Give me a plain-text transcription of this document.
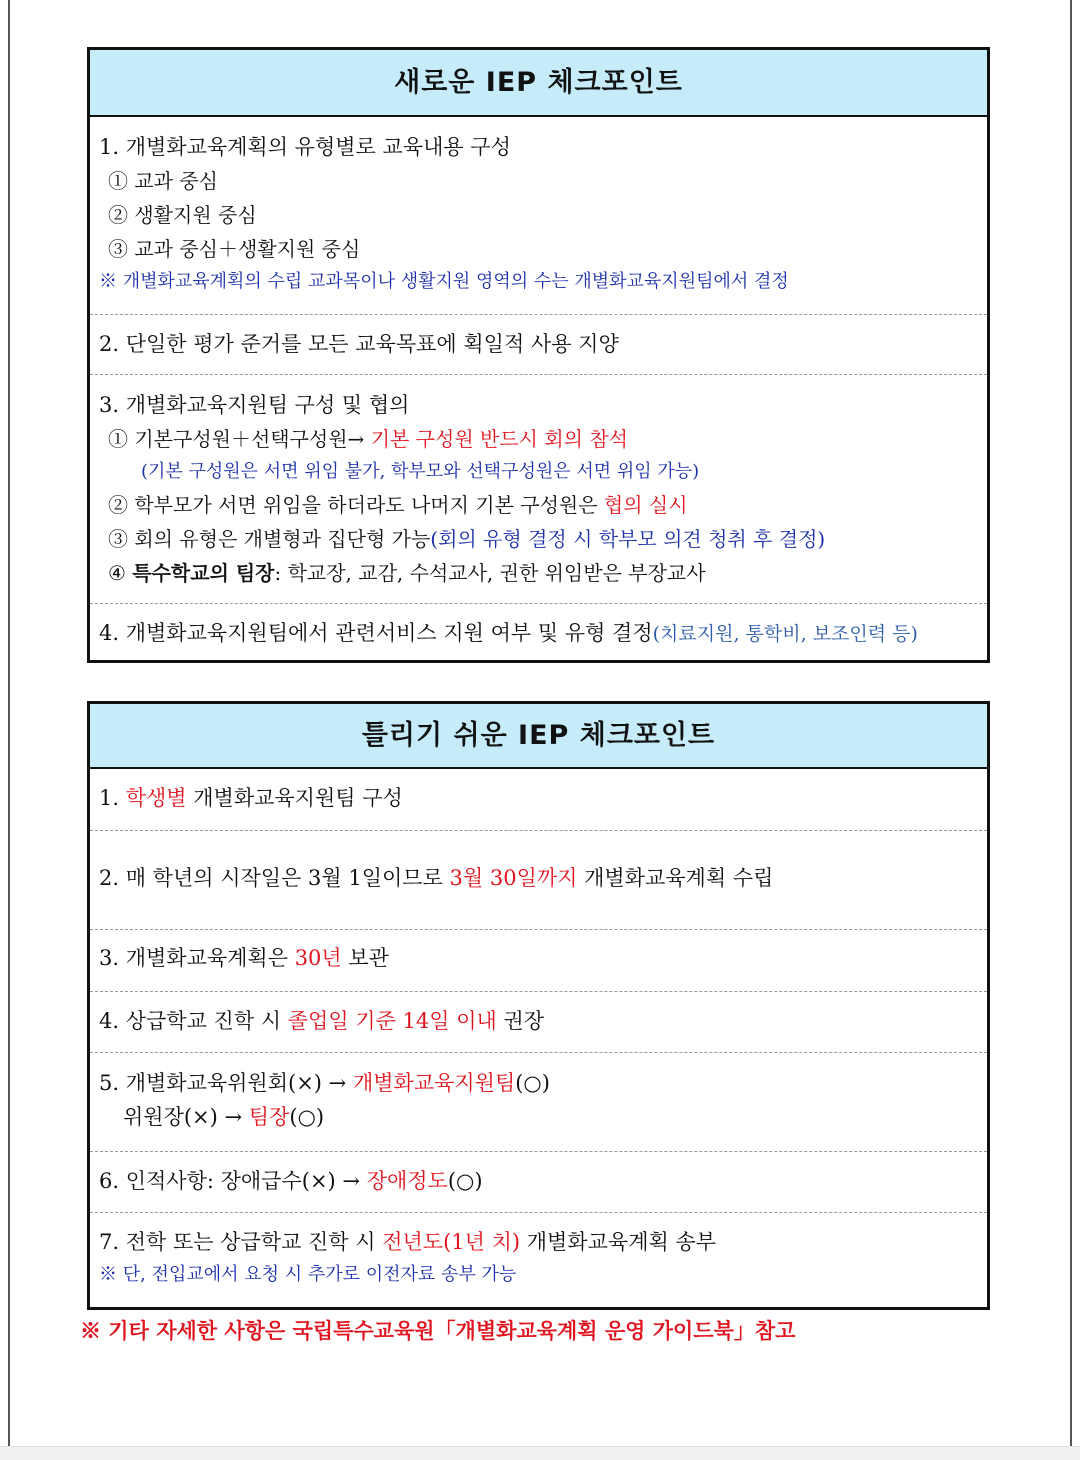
새로운 IEP 체크포인트
1. 개별화교육계획의 유형별로 교육내용 구성
① 교과 중심
② 생활지원 중심
③ 교과 중심＋생활지원 중심
※ 개별화교육계획의 수립 교과목이나 생활지원 영역의 수는 개별화교육지원팀에서 결정
2. 단일한 평가 준거를 모든 교육목표에 획일적 사용 지양
3. 개별화교육지원팀 구성 및 협의
① 기본구성원＋선택구성원→ 기본 구성원 반드시 회의 참석
(기본 구성원은 서면 위임 불가, 학부모와 선택구성원은 서면 위임 가능)
② 학부모가 서면 위임을 하더라도 나머지 기본 구성원은 협의 실시
③ 회의 유형은 개별형과 집단형 가능(회의 유형 결정 시 학부모 의견 청취 후 결정)
④ 특수학교의 팀장: 학교장, 교감, 수석교사, 권한 위임받은 부장교사
4. 개별화교육지원팀에서 관련서비스 지원 여부 및 유형 결정(치료지원, 통학비, 보조인력 등)
틀리기 쉬운 IEP 체크포인트
1. 학생별 개별화교육지원팀 구성
2. 매 학년의 시작일은 3월 1일이므로 3월 30일까지 개별화교육계획 수립
3. 개별화교육계획은 30년 보관
4. 상급학교 진학 시 졸업일 기준 14일 이내 권장
5. 개별화교육위원회(×) → 개별화교육지원팀(○)
위원장(×) → 팀장(○)
6. 인적사항: 장애급수(×) → 장애정도(○)
7. 전학 또는 상급학교 진학 시 전년도(1년 치) 개별화교육계획 송부
※ 단, 전입교에서 요청 시 추가로 이전자료 송부 가능
※ 기타 자세한 사항은 국립특수교육원「개별화교육계획 운영 가이드북」참고
